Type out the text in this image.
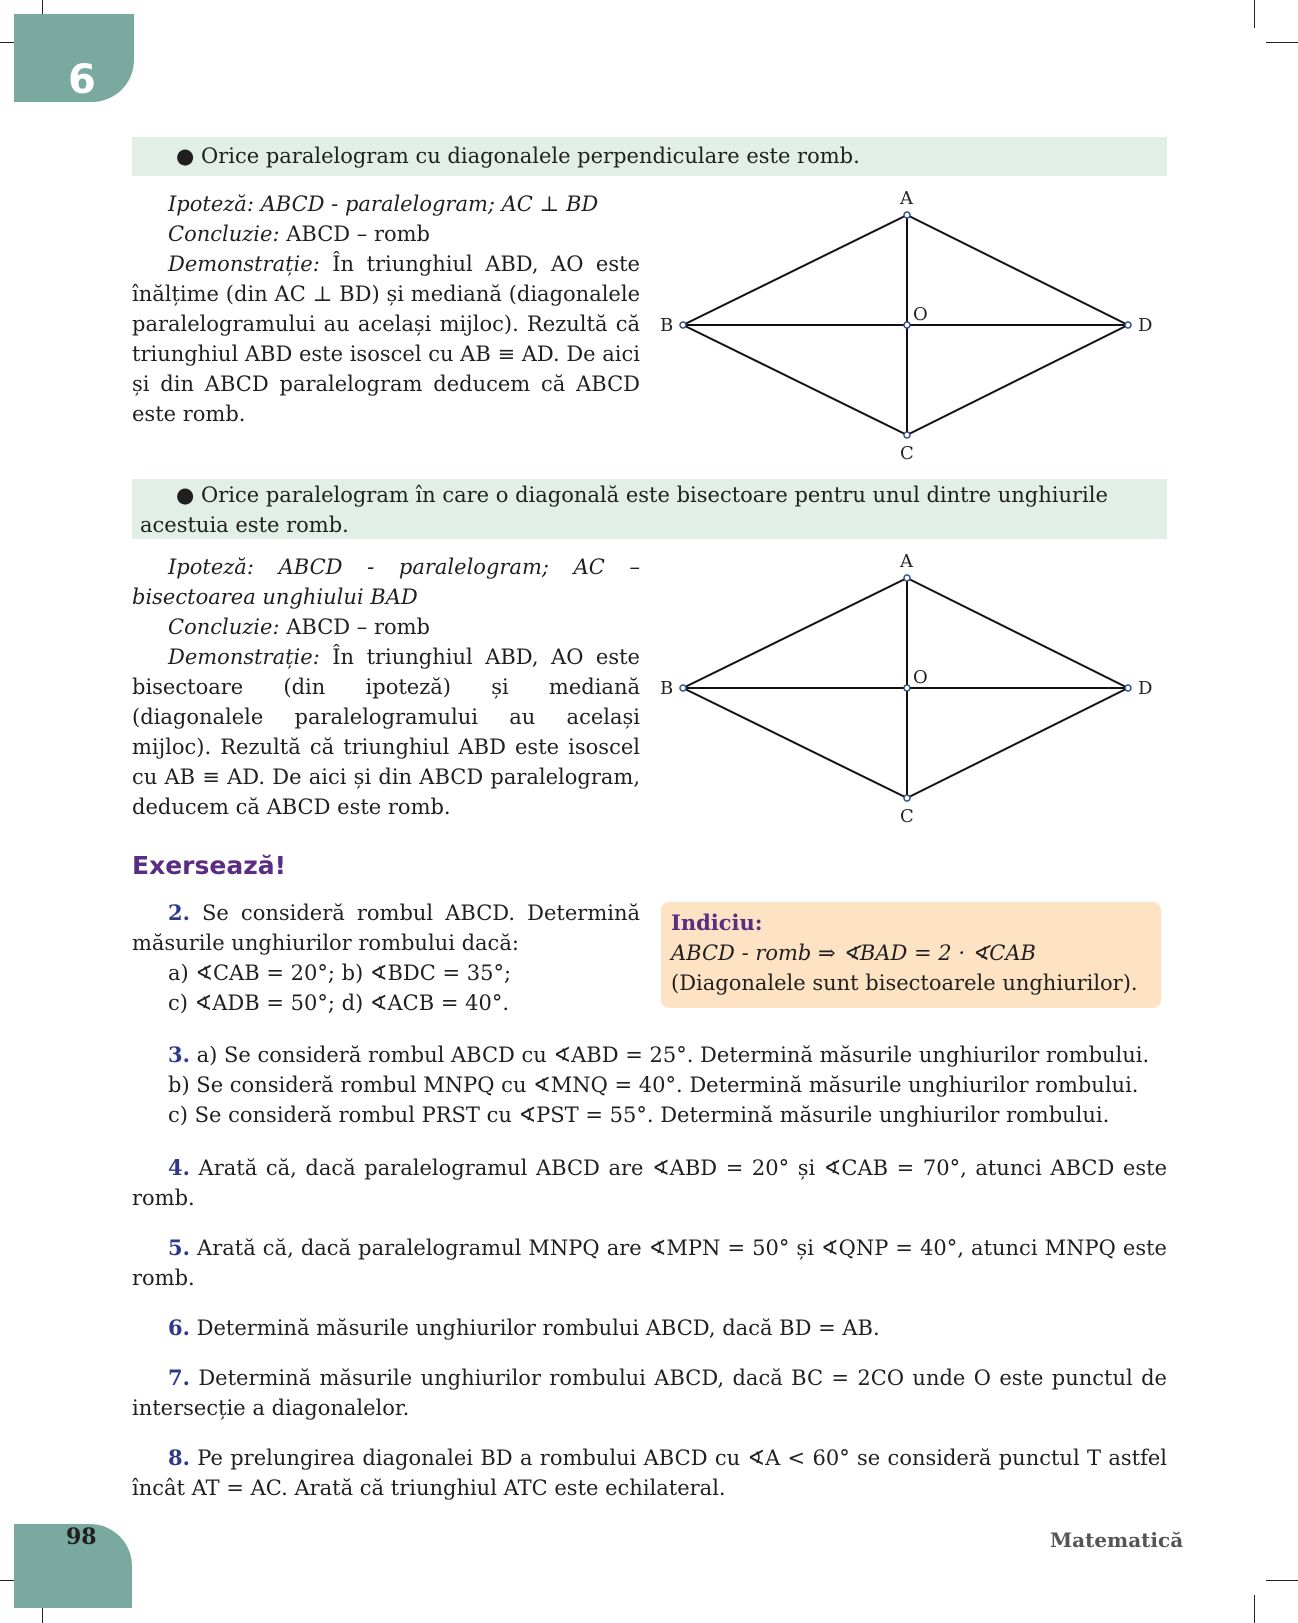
6
● Orice paralelogram cu diagonalele perpendiculare este romb.

Ipoteză: ABCD - paralelogram; AC ⊥ BD

Concluzie: ABCD – romb

Demonstrație: În triunghiul ABD, AO este înălțime (din AC ⊥ BD) și mediană (diagonalele paralelogramului au același mijloc). Rezultă că triunghiul ABD este isoscel cu AB ≡ AD. De aici și din ABCD paralelogram deducem că ABCD este romb.

A
B	D
C
O
● Orice paralelogram în care o diagonală este bisectoare pentru unul dintre unghiurile acestuia este romb.

Ipoteză: ABCD - paralelogram; AC – bisectoarea unghiului BAD

Concluzie: ABCD – romb

Demonstrație: În triunghiul ABD, AO este bisectoare (din ipoteză) și mediană (diagonalele paralelogramului au același mijloc). Rezultă că triunghiul ABD este isoscel cu AB ≡ AD. De aici și din ABCD paralelogram, deducem că ABCD este romb.

A
B	D
C
O
Exersează!

2. Se consideră rombul ABCD. Determină măsurile unghiurilor rombului dacă:

a) ∢CAB = 20°; b) ∢BDC = 35°;

c) ∢ADB = 50°; d) ∢ACB = 40°.

Indiciu:
ABCD - romb ⇒ ∢BAD = 2 · ∢CAB
(Diagonalele sunt bisectoarele unghiurilor).

3. a) Se consideră rombul ABCD cu ∢ABD = 25°. Determină măsurile unghiurilor rombului.

b) Se consideră rombul MNPQ cu ∢MNQ = 40°. Determină măsurile unghiurilor rombului.

c) Se consideră rombul PRST cu ∢PST = 55°. Determină măsurile unghiurilor rombului.

4. Arată că, dacă paralelogramul ABCD are ∢ABD = 20° și ∢CAB = 70°, atunci ABCD este romb.

5. Arată că, dacă paralelogramul MNPQ are ∢MPN = 50° și ∢QNP = 40°, atunci MNPQ este romb.

6. Determină măsurile unghiurilor rombului ABCD, dacă BD = AB.

7. Determină măsurile unghiurilor rombului ABCD, dacă BC = 2CO unde O este punctul de intersecție a diagonalelor.

8. Pe prelungirea diagonalei BD a rombului ABCD cu ∢A < 60° se consideră punctul T astfel încât AT = AC. Arată că triunghiul ATC este echilateral.

98	Matematică
